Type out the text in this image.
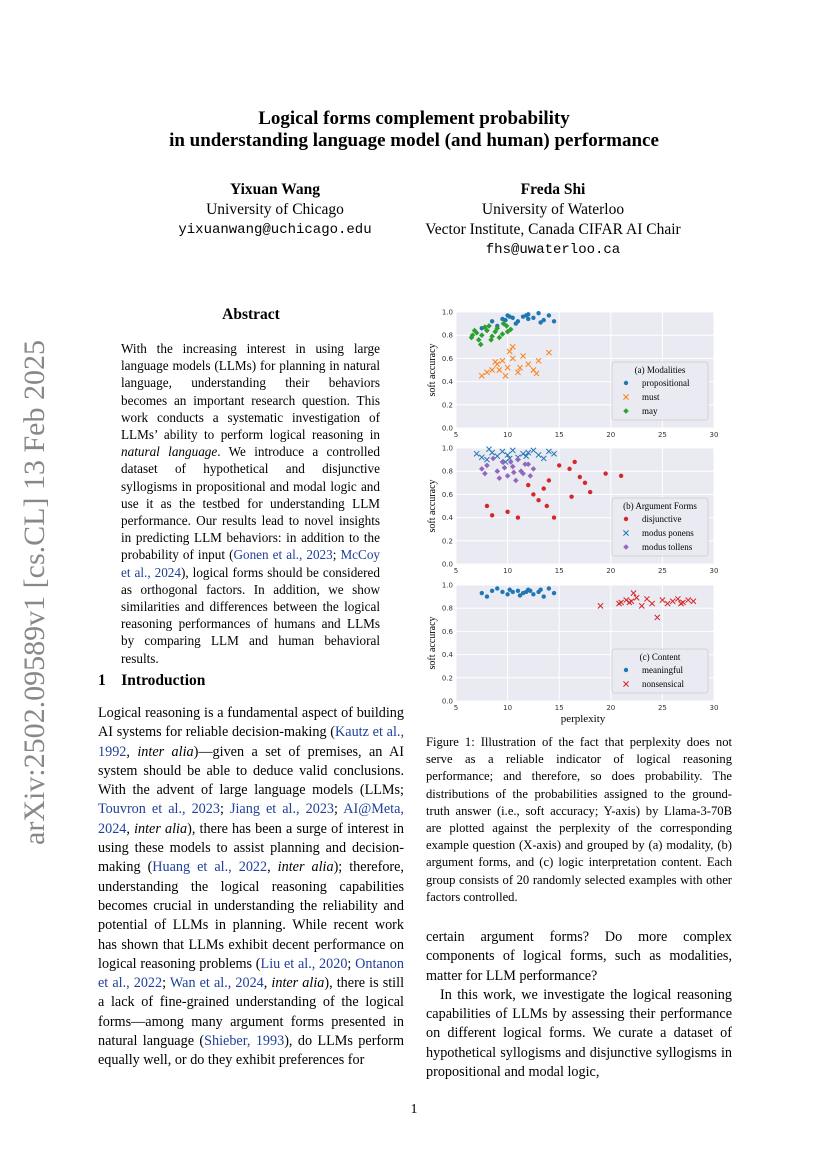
Logical forms complement probability
in understanding language model (and human) performance
Yixuan Wang
University of Chicago
yixuanwang@uchicago.edu
Freda Shi
University of Waterloo
Vector Institute, Canada CIFAR AI Chair
fhs@uwaterloo.ca
arXiv:2502.09589v1 [cs.CL] 13 Feb 2025
Abstract
With the increasing interest in using large language models (LLMs) for planning in natural language, understanding their behaviors becomes an important research question. This work conducts a systematic investigation of LLMs’ ability to perform logical reasoning in natural language. We introduce a controlled dataset of hypothetical and disjunctive syllogisms in propositional and modal logic and use it as the testbed for understanding LLM performance. Our results lead to novel insights in predicting LLM behaviors: in addition to the probability of input (Gonen et al., 2023; McCoy et al., 2024), logical forms should be considered as orthogonal factors. In addition, we show similarities and differences between the logical reasoning performances of humans and LLMs by comparing LLM and human behavioral results.
1 Introduction
Logical reasoning is a fundamental aspect of building AI systems for reliable decision-making (Kautz et al., 1992, inter alia)—given a set of premises, an AI system should be able to deduce valid conclusions. With the advent of large language models (LLMs; Touvron et al., 2023; Jiang et al., 2023; AI@Meta, 2024, inter alia), there has been a surge of interest in using these models to assist planning and decision-making (Huang et al., 2022, inter alia); therefore, understanding the logical reasoning capabilities becomes crucial in understanding the reliability and potential of LLMs in planning. While recent work has shown that LLMs exhibit decent performance on logical reasoning problems (Liu et al., 2020; Ontanon et al., 2022; Wan et al., 2024, inter alia), there is still a lack of fine-grained understanding of the logical forms—among many argument forms presented in natural language (Shieber, 1993), do LLMs perform equally well, or do they exhibit preferences for
5	10	15	20	25	30
0.0
0.2
0.4
0.6
0.8
1.0
soft accuracy	(a) Modalities
propositional
must
may
5	10	15	20	25	30
0.0
0.2
0.4
0.6
0.8
1.0
soft accuracy	(b) Argument Forms
disjunctive
modus ponens
modus tollens
5	10	15	20	25	30
0.0
0.2
0.4
0.6
0.8
1.0
soft accuracy
perplexity
(c) Content
meaningful
nonsensical
Figure 1: Illustration of the fact that perplexity does not serve as a reliable indicator of logical reasoning performance; and therefore, so does probability. The distributions of the probabilities assigned to the ground-truth answer (i.e., soft accuracy; Y-axis) by Llama-3-70B are plotted against the perplexity of the corresponding example question (X-axis) and grouped by (a) modality, (b) argument forms, and (c) logic interpretation content. Each group consists of 20 randomly selected examples with other factors controlled.

certain argument forms? Do more complex components of logical forms, such as modalities, matter for LLM performance?

In this work, we investigate the logical reasoning capabilities of LLMs by assessing their performance on different logical forms. We curate a dataset of hypothetical syllogisms and disjunctive syllogisms in propositional and modal logic,

1
